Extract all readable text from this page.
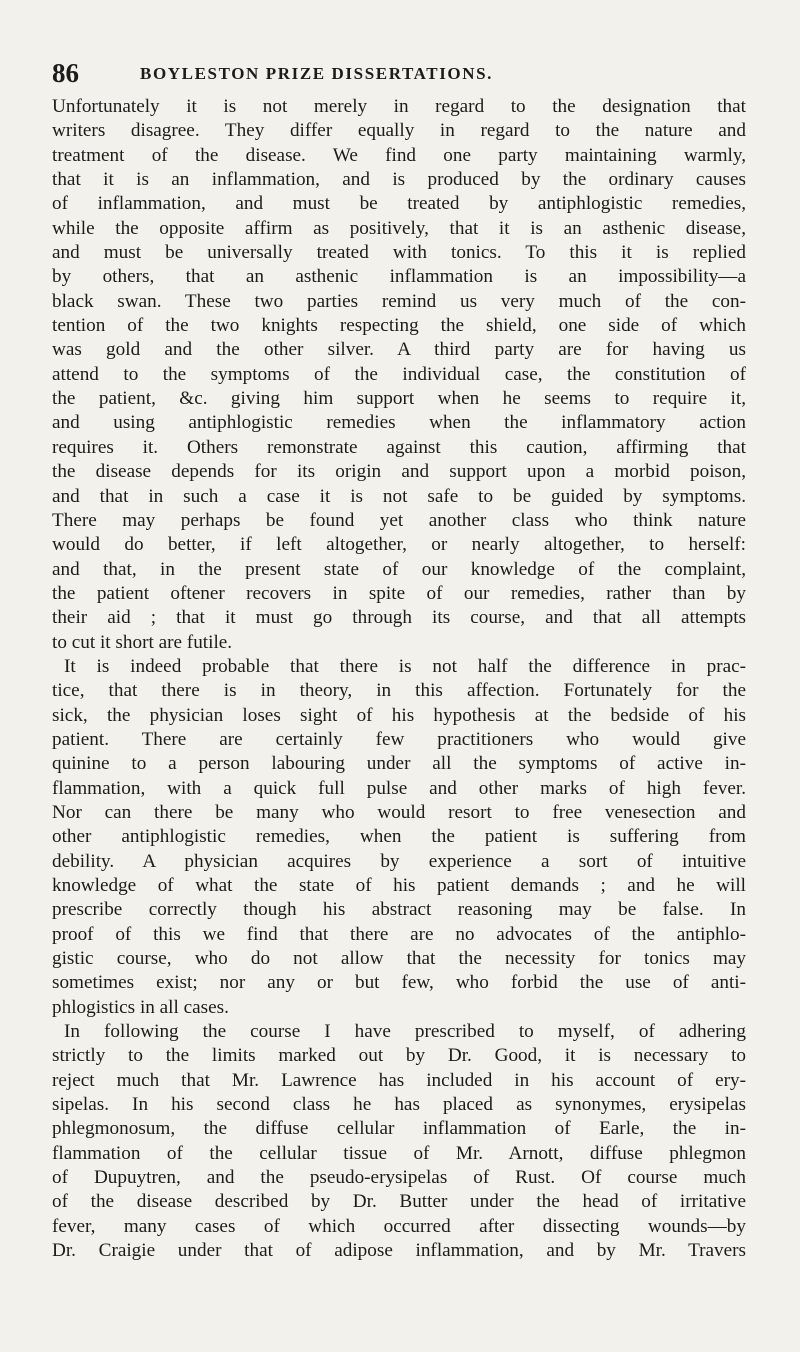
86	BOYLESTON PRIZE DISSERTATIONS.
Unfortunately it is not merely in regard to the designation that
writers disagree. They differ equally in regard to the nature and
treatment of the disease. We find one party maintaining warmly,
that it is an inflammation, and is produced by the ordinary causes
of inflammation, and must be treated by antiphlogistic remedies,
while the opposite affirm as positively, that it is an asthenic disease,
and must be universally treated with tonics. To this it is replied
by others, that an asthenic inflammation is an impossibility—a
black swan. These two parties remind us very much of the con-
tention of the two knights respecting the shield, one side of which
was gold and the other silver. A third party are for having us
attend to the symptoms of the individual case, the constitution of
the patient, &c. giving him support when he seems to require it,
and using antiphlogistic remedies when the inflammatory action
requires it. Others remonstrate against this caution, affirming that
the disease depends for its origin and support upon a morbid poison,
and that in such a case it is not safe to be guided by symptoms.
There may perhaps be found yet another class who think nature
would do better, if left altogether, or nearly altogether, to herself:
and that, in the present state of our knowledge of the complaint,
the patient oftener recovers in spite of our remedies, rather than by
their aid ; that it must go through its course, and that all attempts
to cut it short are futile.
It is indeed probable that there is not half the difference in prac-
tice, that there is in theory, in this affection. Fortunately for the
sick, the physician loses sight of his hypothesis at the bedside of his
patient. There are certainly few practitioners who would give
quinine to a person labouring under all the symptoms of active in-
flammation, with a quick full pulse and other marks of high fever.
Nor can there be many who would resort to free venesection and
other antiphlogistic remedies, when the patient is suffering from
debility. A physician acquires by experience a sort of intuitive
knowledge of what the state of his patient demands ; and he will
prescribe correctly though his abstract reasoning may be false. In
proof of this we find that there are no advocates of the antiphlo-
gistic course, who do not allow that the necessity for tonics may
sometimes exist; nor any or but few, who forbid the use of anti-
phlogistics in all cases.
In following the course I have prescribed to myself, of adhering
strictly to the limits marked out by Dr. Good, it is necessary to
reject much that Mr. Lawrence has included in his account of ery-
sipelas. In his second class he has placed as synonymes, erysipelas
phlegmonosum, the diffuse cellular inflammation of Earle, the in-
flammation of the cellular tissue of Mr. Arnott, diffuse phlegmon
of Dupuytren, and the pseudo-erysipelas of Rust. Of course much
of the disease described by Dr. Butter under the head of irritative
fever, many cases of which occurred after dissecting wounds—by
Dr. Craigie under that of adipose inflammation, and by Mr. Travers
